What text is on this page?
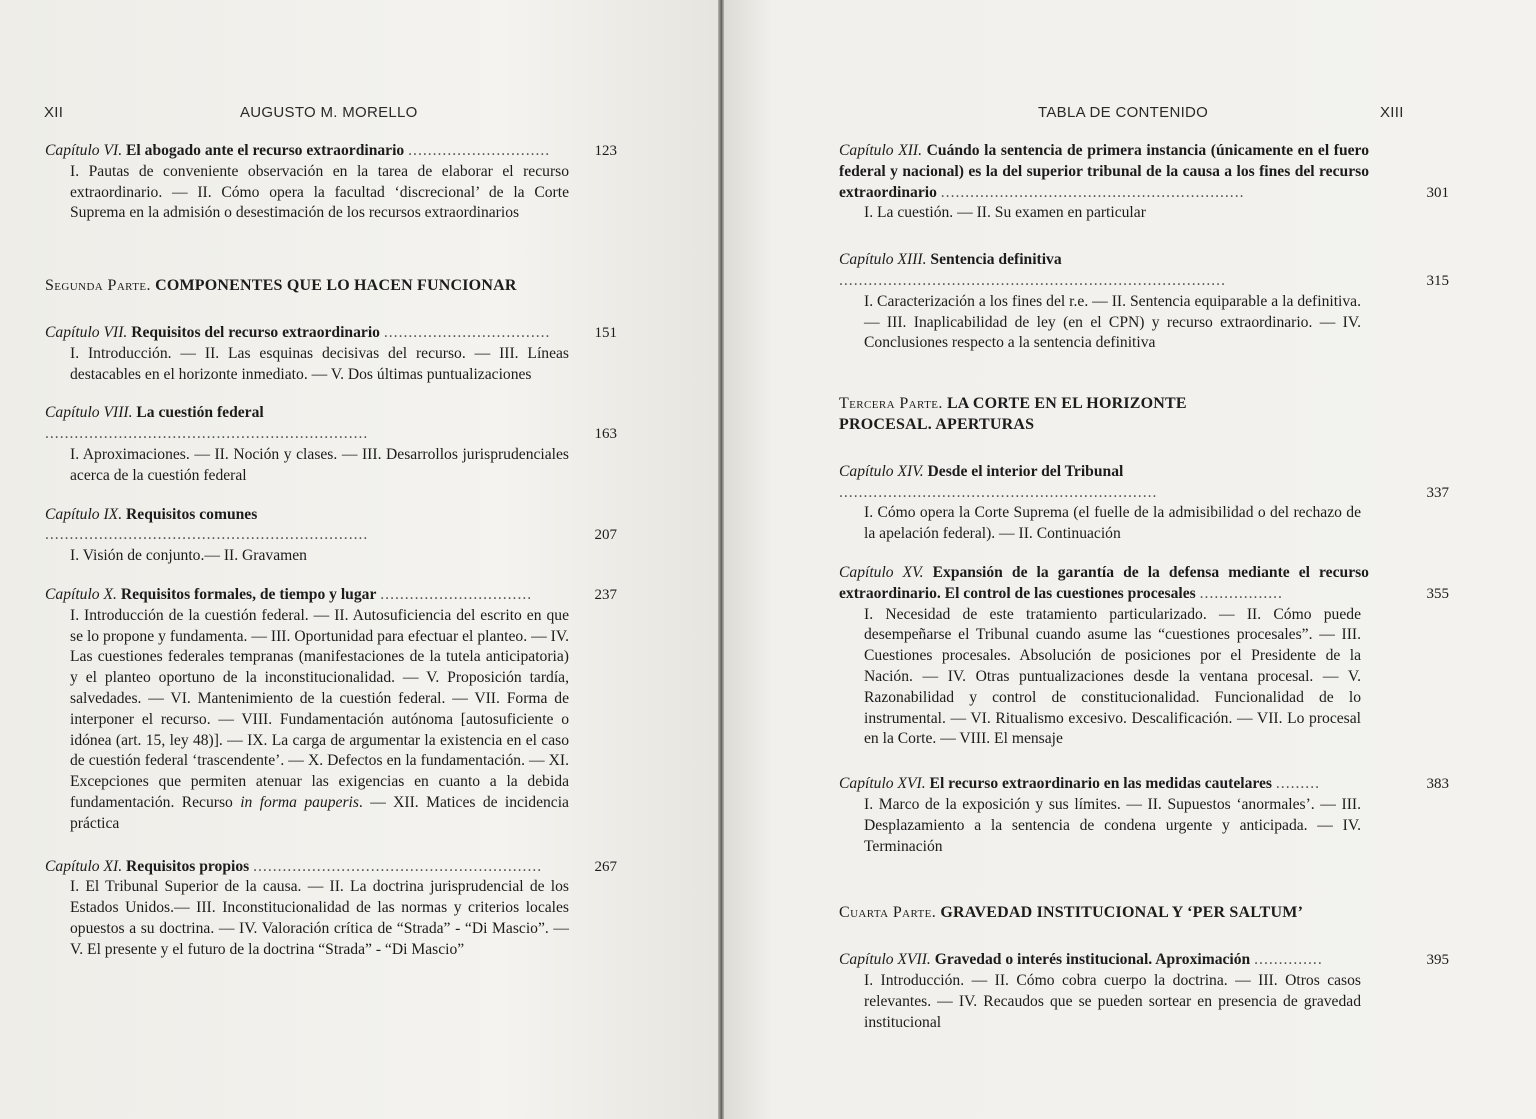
XII	AUGUSTO M. MORELLO
Capítulo VI. El abogado ante el recurso extraordinario .............................	123
I. Pautas de conveniente observación en la tarea de elaborar el recurso extraordinario. — II. Cómo opera la facultad ‘discrecional’ de la Corte Suprema en la admisión o desestimación de los recursos extraordinarios
Segunda Parte. COMPONENTES QUE LO HACEN FUNCIONAR
Capítulo VII. Requisitos del recurso extraordinario ..................................	151
I. Introducción. — II. Las esquinas decisivas del recurso. — III. Líneas destacables en el horizonte inmediato. — V. Dos últimas puntualizaciones
Capítulo VIII. La cuestión federal ..................................................................	163
I. Aproximaciones. — II. Noción y clases. — III. Desarrollos jurisprudenciales acerca de la cuestión federal
Capítulo IX. Requisitos comunes ..................................................................	207
I. Visión de conjunto.— II. Gravamen
Capítulo X. Requisitos formales, de tiempo y lugar ...............................	237
I. Introducción de la cuestión federal. — II. Autosuficiencia del escrito en que se lo propone y fundamenta. — III. Oportunidad para efectuar el planteo. — IV. Las cuestiones federales tempranas (manifestaciones de la tutela anticipatoria) y el planteo oportuno de la inconstitucionalidad. — V. Proposición tardía, salvedades. — VI. Mantenimiento de la cuestión federal. — VII. Forma de interponer el recurso. — VIII. Fundamentación autónoma [autosuficiente o idónea (art. 15, ley 48)]. — IX. La carga de argumentar la existencia en el caso de cuestión federal ‘trascendente’. — X. Defectos en la fundamentación. — XI. Excepciones que permiten atenuar las exigencias en cuanto a la debida fundamentación. Recurso in forma pauperis. — XII. Matices de incidencia práctica
Capítulo XI. Requisitos propios ...........................................................	267
I. El Tribunal Superior de la causa. — II. La doctrina jurisprudencial de los Estados Unidos.— III. Inconstitucionalidad de las normas y criterios locales opuestos a su doctrina. — IV. Valoración crítica de “Strada” - “Di Mascio”. — V. El presente y el futuro de la doctrina “Strada” - “Di Mascio”
TABLA DE CONTENIDO	XIII
Capítulo XII. Cuándo la sentencia de primera instancia (únicamente en el fuero federal y nacional) es la del superior tribunal de la causa a los fines del recurso extraordinario ..............................................................	301
I. La cuestión. — II. Su examen en particular
Capítulo XIII. Sentencia definitiva ...............................................................................	315
I. Caracterización a los fines del r.e. — II. Sentencia equiparable a la definitiva. — III. Inaplicabilidad de ley (en el CPN) y recurso extraordinario. — IV. Conclusiones respecto a la sentencia definitiva
Tercera Parte. LA CORTE EN EL HORIZONTE PROCESAL. APERTURAS
Capítulo XIV. Desde el interior del Tribunal .................................................................	337
I. Cómo opera la Corte Suprema (el fuelle de la admisibilidad o del rechazo de la apelación federal). — II. Continuación
Capítulo XV. Expansión de la garantía de la defensa mediante el recurso extraordinario. El control de las cuestiones procesales .................	355
I. Necesidad de este tratamiento particularizado. — II. Cómo puede desempeñarse el Tribunal cuando asume las “cuestiones procesales”. — III. Cuestiones procesales. Absolución de posiciones por el Presidente de la Nación. — IV. Otras puntualizaciones desde la ventana procesal. — V. Razonabilidad y control de constitucionalidad. Funcionalidad de lo instrumental. — VI. Ritualismo excesivo. Descalificación. — VII. Lo procesal en la Corte. — VIII. El mensaje
Capítulo XVI. El recurso extraordinario en las medidas cautelares .........	383
I. Marco de la exposición y sus límites. — II. Supuestos ‘anormales’. — III. Desplazamiento a la sentencia de condena urgente y anticipada. — IV. Terminación
Cuarta Parte. GRAVEDAD INSTITUCIONAL Y ‘PER SALTUM’
Capítulo XVII. Gravedad o interés institucional. Aproximación ..............	395
I. Introducción. — II. Cómo cobra cuerpo la doctrina. — III. Otros casos relevantes. — IV. Recaudos que se pueden sortear en presencia de gravedad institucional
